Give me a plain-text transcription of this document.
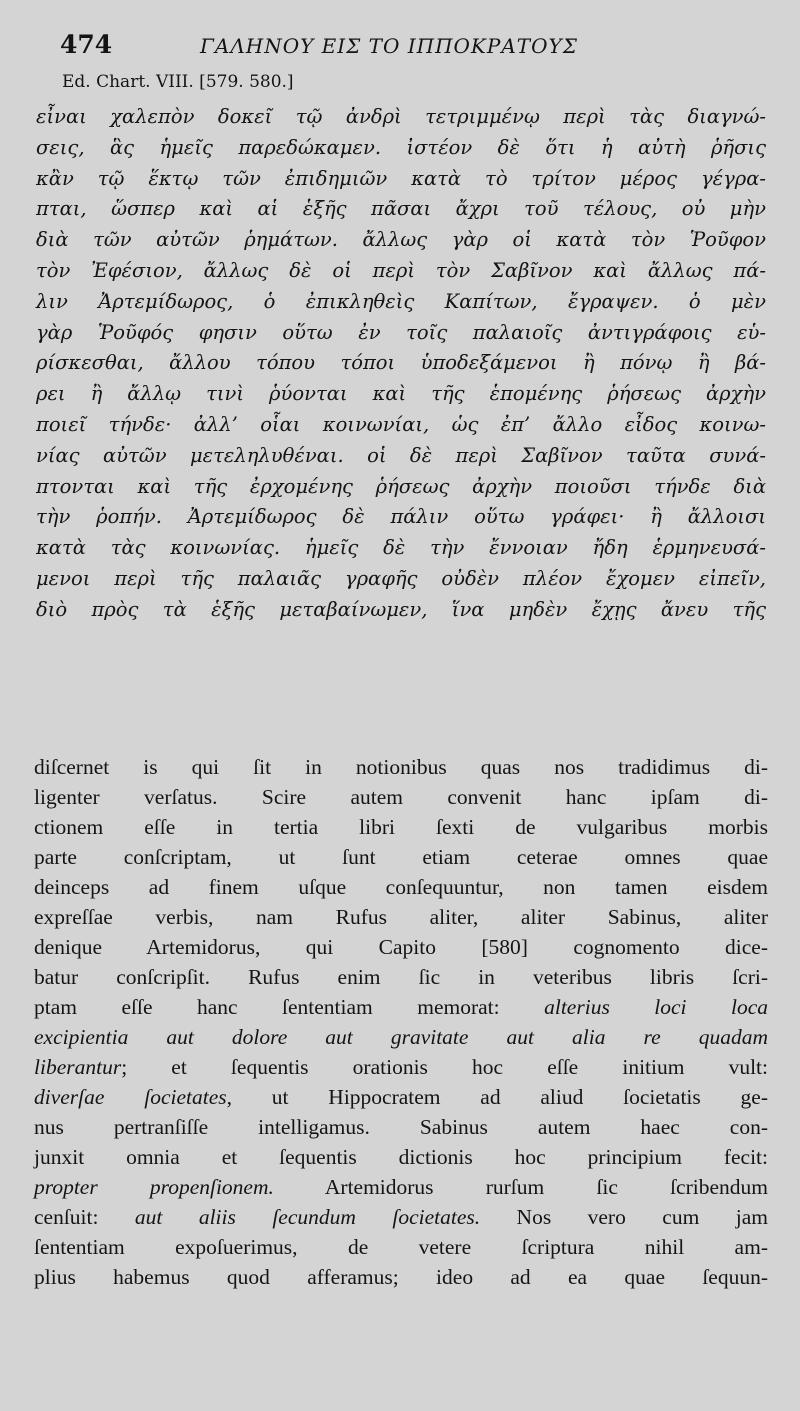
474	ΓΑΛΗΝΟΥ ΕΙΣ ΤΟ ΙΠΠΟΚΡΑΤΟΥΣ
Ed. Chart. VIII. [579. 580.]
εἶναι χαλεπὸν δοκεῖ τῷ ἀνδρὶ τετριμμένῳ περὶ τὰς διαγνώ-
σεις, ἃς ἡμεῖς παρεδώκαμεν. ἰστέον δὲ ὅτι ἡ αὐτὴ ῥῆσις
κἂν τῷ ἕκτῳ τῶν ἐπιδημιῶν κατὰ τὸ τρίτον μέρος γέγρα-
πται, ὥσπερ καὶ αἱ ἑξῆς πᾶσαι ἄχρι τοῦ τέλους, οὐ μὴν
διὰ τῶν αὐτῶν ῥημάτων. ἄλλως γὰρ οἱ κατὰ τὸν Ῥοῦφον
τὸν Ἐφέσιον, ἄλλως δὲ οἱ περὶ τὸν Σαβῖνον καὶ ἄλλως πά-
λιν Ἀρτεμίδωρος, ὁ ἐπικληθεὶς Καπίτων, ἔγραψεν. ὁ μὲν
γὰρ Ῥοῦφός φησιν οὕτω ἐν τοῖς παλαιοῖς ἀντιγράφοις εὑ-
ρίσκεσθαι, ἄλλου τόπου τόποι ὑποδεξάμενοι ἢ πόνῳ ἢ βά-
ρει ἢ ἄλλῳ τινὶ ῥύονται καὶ τῆς ἑπομένης ῥήσεως ἀρχὴν
ποιεῖ τήνδε· ἀλλ’ οἷαι κοινωνίαι, ὡς ἐπ’ ἄλλο εἶδος κοινω-
νίας αὐτῶν μετεληλυθέναι. οἱ δὲ περὶ Σαβῖνον ταῦτα συνά-
πτονται καὶ τῆς ἐρχομένης ῥήσεως ἀρχὴν ποιοῦσι τήνδε διὰ
τὴν ῥοπήν. Ἀρτεμίδωρος δὲ πάλιν οὕτω γράφει· ἢ ἄλλοισι
κατὰ τὰς κοινωνίας. ἡμεῖς δὲ τὴν ἔννοιαν ἤδη ἑρμηνευσά-
μενοι περὶ τῆς παλαιᾶς γραφῆς οὐδὲν πλέον ἔχομεν εἰπεῖν,
διὸ πρὸς τὰ ἑξῆς μεταβαίνωμεν, ἵνα μηδὲν ἔχῃς ἄνευ τῆς
diſcernet is qui ſit in notionibus quas nos tradidimus di-
ligenter verſatus. Scire autem convenit hanc ipſam di-
ctionem eſſe in tertia libri ſexti de vulgaribus morbis
parte conſcriptam, ut ſunt etiam ceterae omnes quae
deinceps ad finem uſque conſequuntur, non tamen eisdem
expreſſae verbis, nam Rufus aliter, aliter Sabinus, aliter
denique Artemidorus, qui Capito [580] cognomento dice-
batur conſcripſit. Rufus enim ſic in veteribus libris ſcri-
ptam eſſe hanc ſententiam memorat: alterius loci loca
excipientia aut dolore aut gravitate aut alia re quadam
liberantur; et ſequentis orationis hoc eſſe initium vult:
diverſae ſocietates, ut Hippocratem ad aliud ſocietatis ge-
nus pertranſiſſe intelligamus. Sabinus autem haec con-
junxit omnia et ſequentis dictionis hoc principium fecit:
propter propenſionem. Artemidorus rurſum ſic ſcribendum
cenſuit: aut aliis ſecundum ſocietates. Nos vero cum jam
ſententiam expoſuerimus, de vetere ſcriptura nihil am-
plius habemus quod afferamus; ideo ad ea quae ſequun-
